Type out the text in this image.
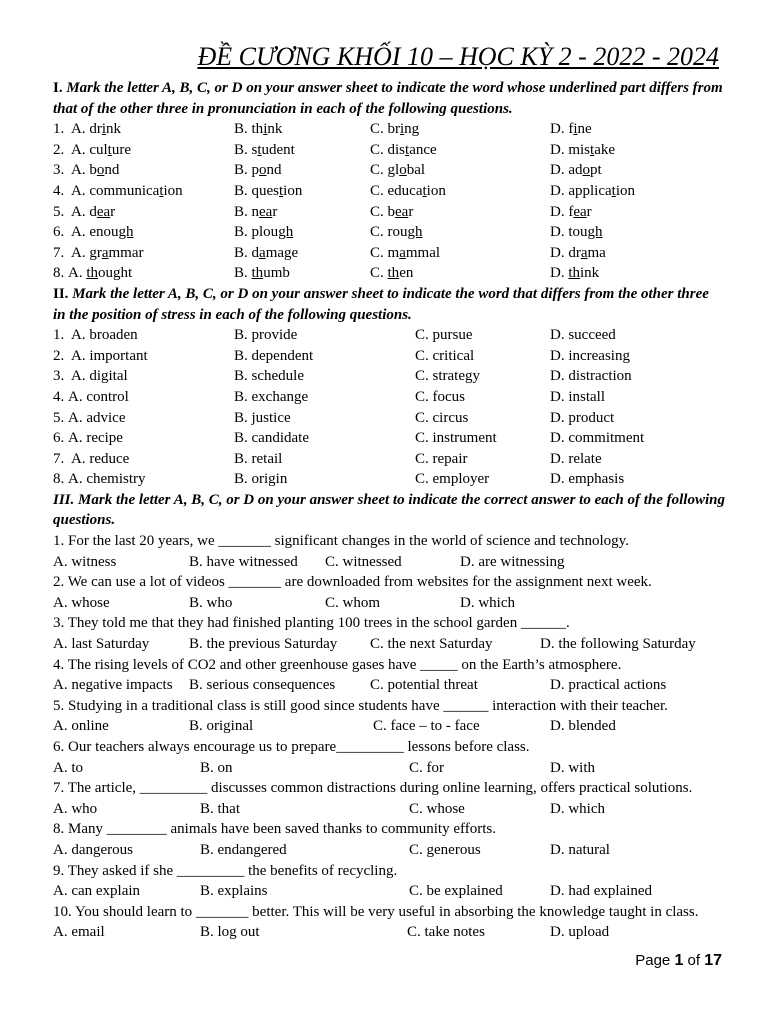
ĐỀ CƯƠNG KHỐI 10 – HỌC KỲ 2 - 2022 - 2024
I. Mark the letter A, B, C, or D on your answer sheet to indicate the word whose underlined part differs from that of the other three in pronunciation in each of the following questions.
1. A. drink	B. think	C. bring	D. fine
2. A. culture	B. student	C. distance	D. mistake
3. A. bond	B. pond	C. global	D. adopt
4. A. communication	B. question	C. education	D. application
5. A. dear	B. near	C. bear	D. fear
6. A. enough	B. plough	C. rough	D. tough
7. A. grammar	B. damage	C. mammal	D. drama
8. A. thought	B. thumb	C. then	D. think
II. Mark the letter A, B, C, or D on your answer sheet to indicate the word that differs from the other three in the position of stress in each of the following questions.
1. A. broaden	B. provide	C. pursue	D. succeed
2. A. important	B. dependent	C. critical	D. increasing
3. A. digital	B. schedule	C. strategy	D. distraction
4. A. control	B. exchange	C. focus	D. install
5. A. advice	B. justice	C. circus	D. product
6. A. recipe	B. candidate	C. instrument	D. commitment
7. A. reduce	B. retail	C. repair	D. relate
8. A. chemistry	B. origin	C. employer	D. emphasis
III. Mark the letter A, B, C, or D on your answer sheet to indicate the correct answer to each of the following questions.
1. For the last 20 years, we _______ significant changes in the world of science and technology.
A. witness	B. have witnessed C. witnessed	D. are witnessing
2. We can use a lot of videos _______ are downloaded from websites for the assignment next week.
A. whose	B. who	C. whom	D. which
3. They told me that they had finished planting 100 trees in the school garden ______.
A. last Saturday	B. the previous Saturday C. the next Saturday	D. the following Saturday
4. The rising levels of CO2 and other greenhouse gases have _____ on the Earth’s atmosphere.
A. negative impacts B. serious consequences C. potential threat	D. practical actions
5. Studying in a traditional class is still good since students have ______ interaction with their teacher.
A. online	B. original	C. face – to - face	D. blended
6. Our teachers always encourage us to prepare_________ lessons before class.
A. to	B. on	C. for	D. with
7. The article, _________ discusses common distractions during online learning, offers practical solutions.
A. who	B. that	C. whose	D. which
8. Many ________ animals have been saved thanks to community efforts.
A. dangerous	B. endangered	C. generous	D. natural
9. They asked if she _________ the benefits of recycling.
A. can explain	B. explains	C. be explained	D. had explained
10. You should learn to _______ better. This will be very useful in absorbing the knowledge taught in class.
A. email	B. log out	C. take notes	D. upload
Page 1 of 17
